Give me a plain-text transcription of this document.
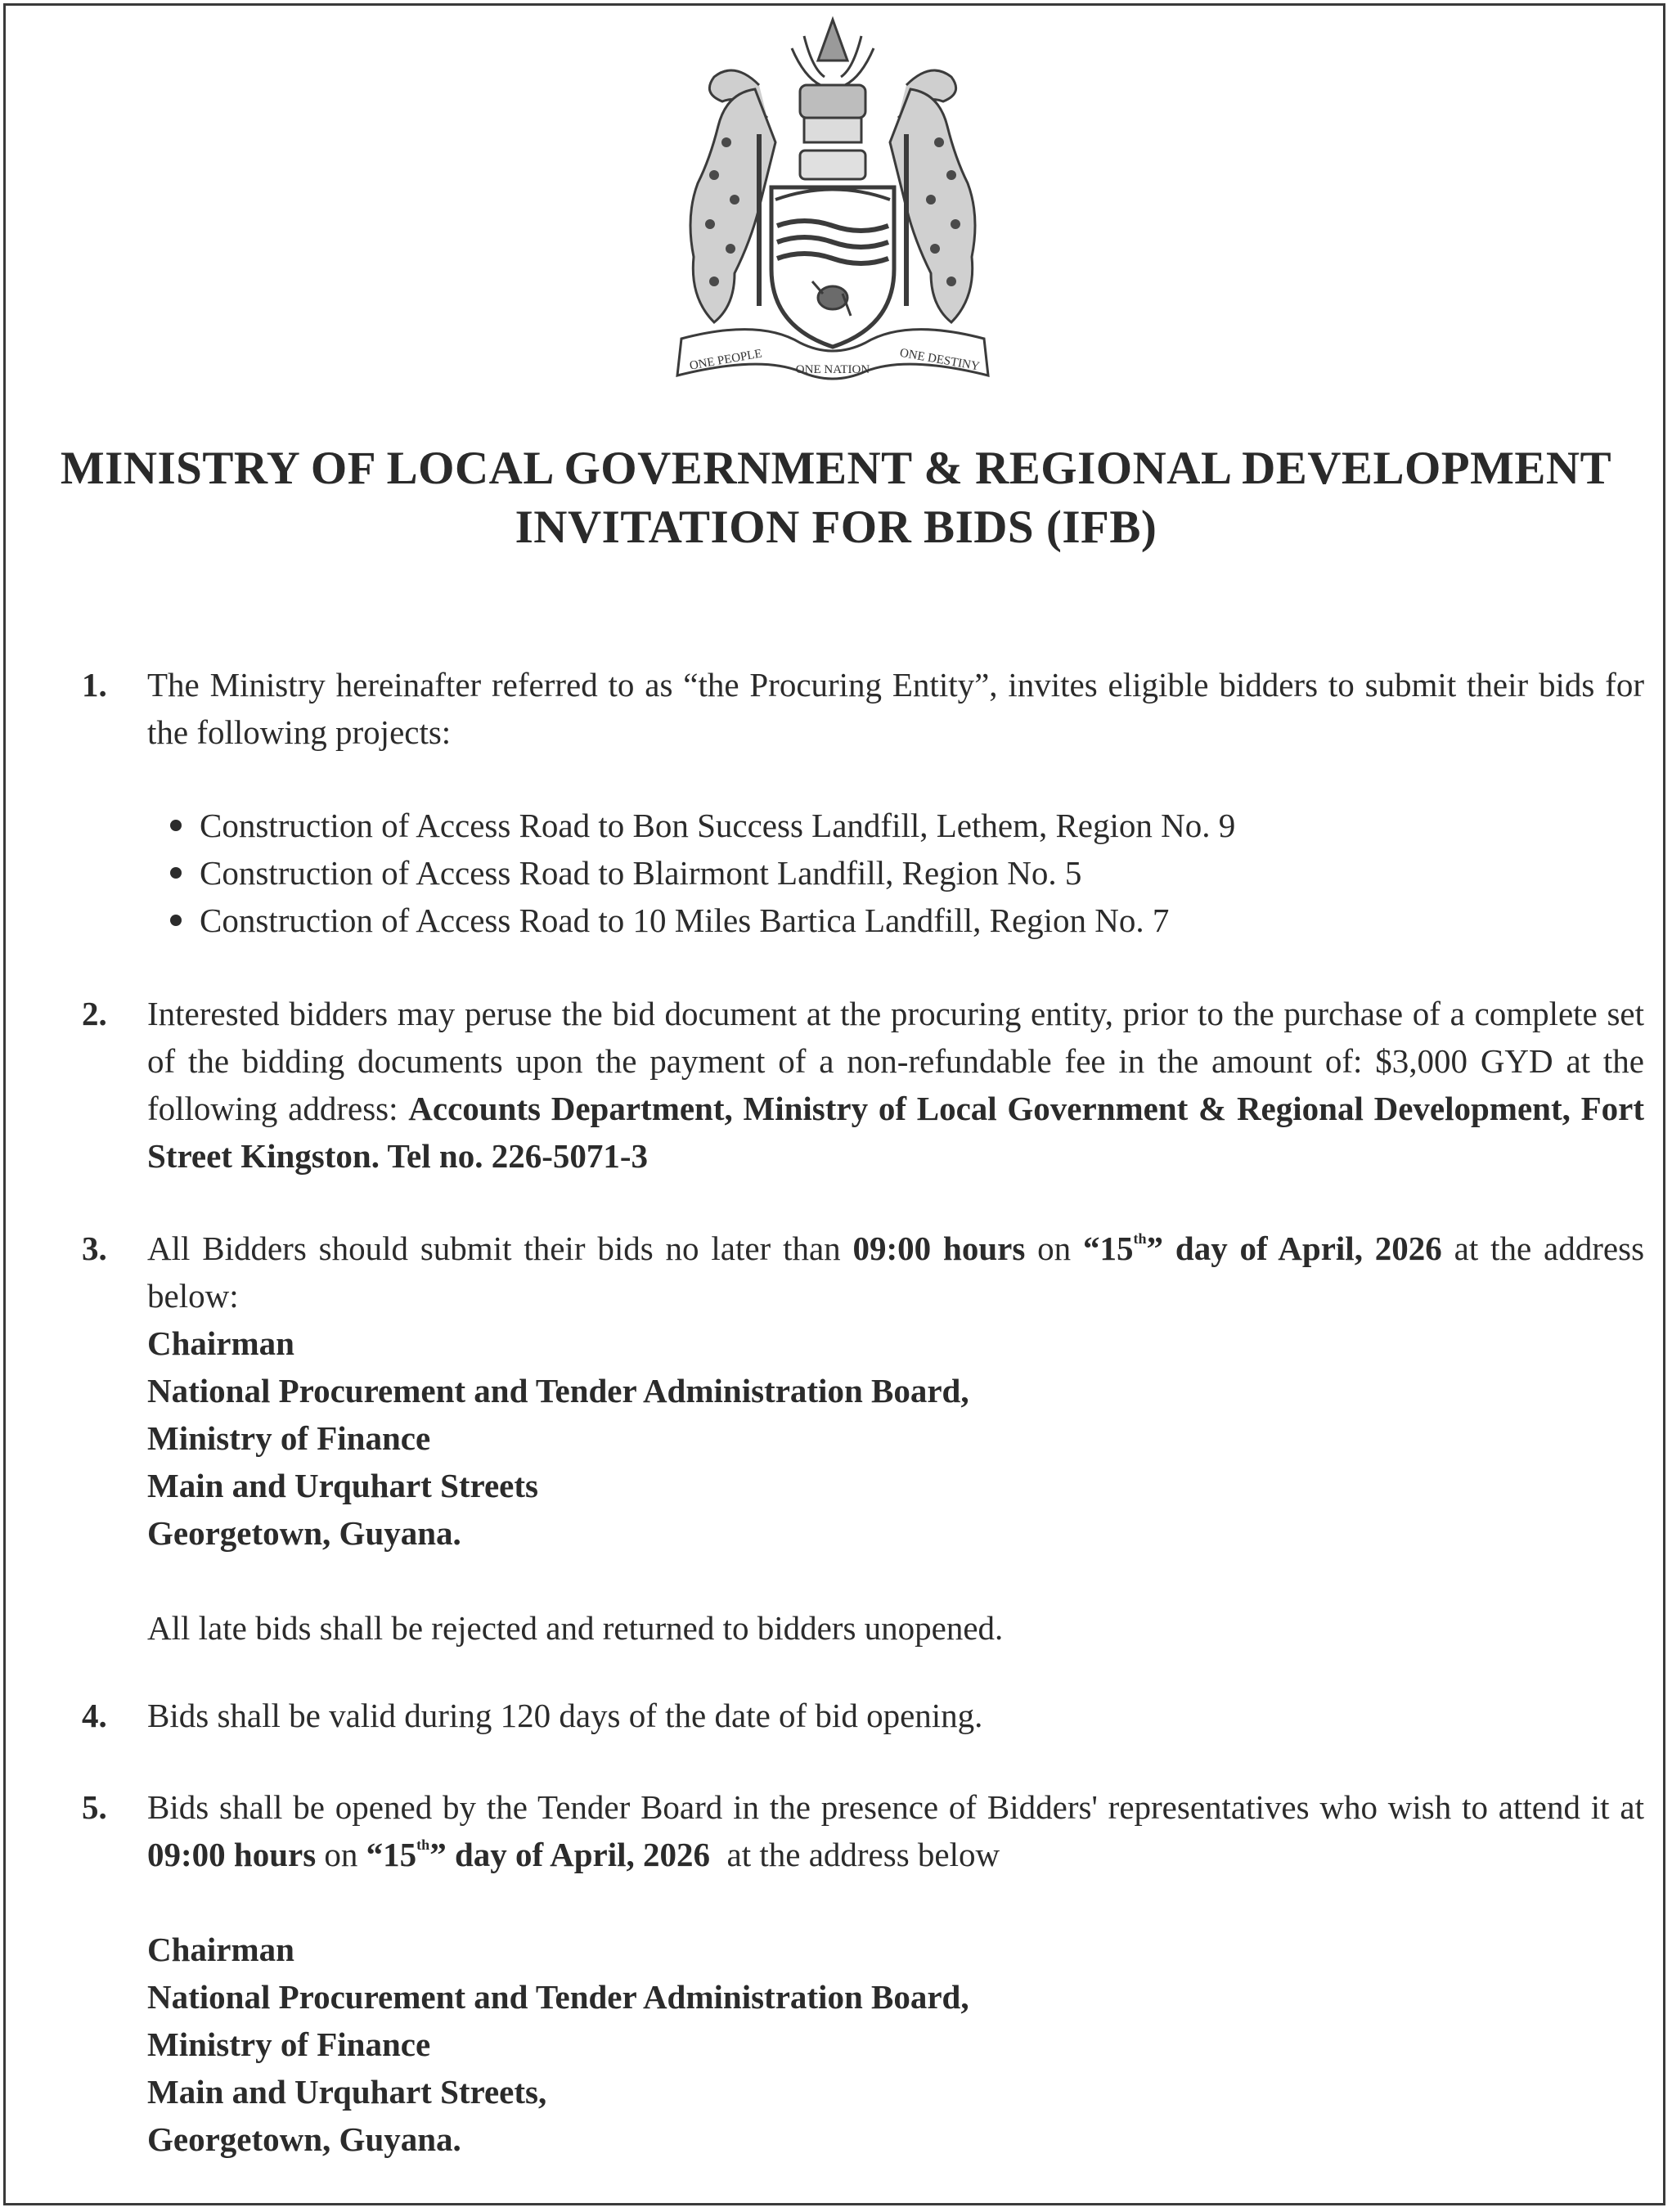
ONE PEOPLE	ONE NATION ONE DESTINY
MINISTRY OF LOCAL GOVERNMENT & REGIONAL DEVELOPMENT
INVITATION FOR BIDS (IFB)
1. The Ministry hereinafter referred to as “the Procuring Entity”, invites eligible bidders to submit their bids for the following projects:
Construction of Access Road to Bon Success Landfill, Lethem, Region No. 9
Construction of Access Road to Blairmont Landfill, Region No. 5
Construction of Access Road to 10 Miles Bartica Landfill, Region No. 7
2. Interested bidders may peruse the bid document at the procuring entity, prior to the purchase of a complete set of the bidding documents upon the payment of a non-refundable fee in the amount of: $3,000 GYD at the following address: Accounts Department, Ministry of Local Government & Regional Development, Fort Street Kingston. Tel no. 226-5071-3
3. All Bidders should submit their bids no later than 09:00 hours on “15th” day of April, 2026 at the address below:
Chairman
National Procurement and Tender Administration Board,
Ministry of Finance
Main and Urquhart Streets
Georgetown, Guyana.
All late bids shall be rejected and returned to bidders unopened.
4. Bids shall be valid during 120 days of the date of bid opening.
5. Bids shall be opened by the Tender Board in the presence of Bidders' representatives who wish to attend it at 09:00 hours on “15th” day of April, 2026  at the address below
Chairman
National Procurement and Tender Administration Board,
Ministry of Finance
Main and Urquhart Streets,
Georgetown, Guyana.
